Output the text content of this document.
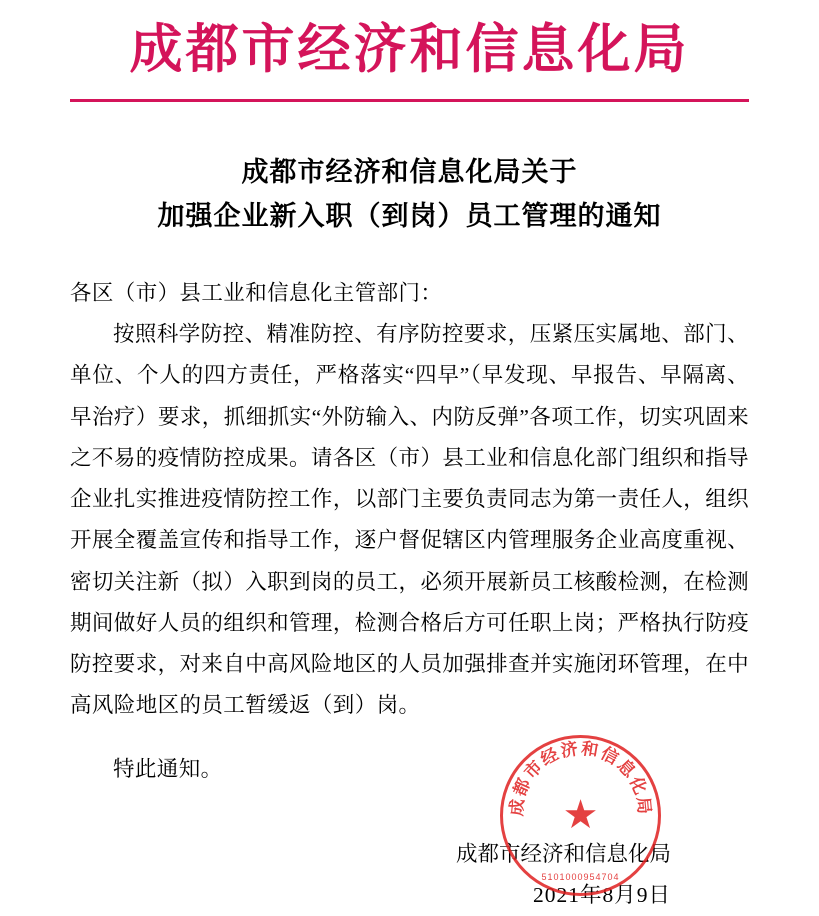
成都市经济和信息化局
成都市经济和信息化局关于
加强企业新入职（到岗）员工管理的通知
各区（市）县工业和信息化主管部门：
按照科学防控、精准防控、有序防控要求，压紧压实属地、部门、单位、个人的四方责任，严格落实“四早”（早发现、早报告、早隔离、早治疗）要求，抓细抓实“外防输入、内防反弹”各项工作，切实巩固来之不易的疫情防控成果。请各区（市）县工业和信息化部门组织和指导企业扎实推进疫情防控工作，以部门主要负责同志为第一责任人，组织开展全覆盖宣传和指导工作，逐户督促辖区内管理服务企业高度重视、密切关注新（拟）入职到岗的员工，必须开展新员工核酸检测，在检测期间做好人员的组织和管理，检测合格后方可任职上岗；严格执行防疫防控要求，对来自中高风险地区的人员加强排查并实施闭环管理，在中高风险地区的员工暂缓返（到）岗。
特此通知。
成都市经济和信息化局
2021年8月9日
成都市经济和信息化局
★
5101000954704
